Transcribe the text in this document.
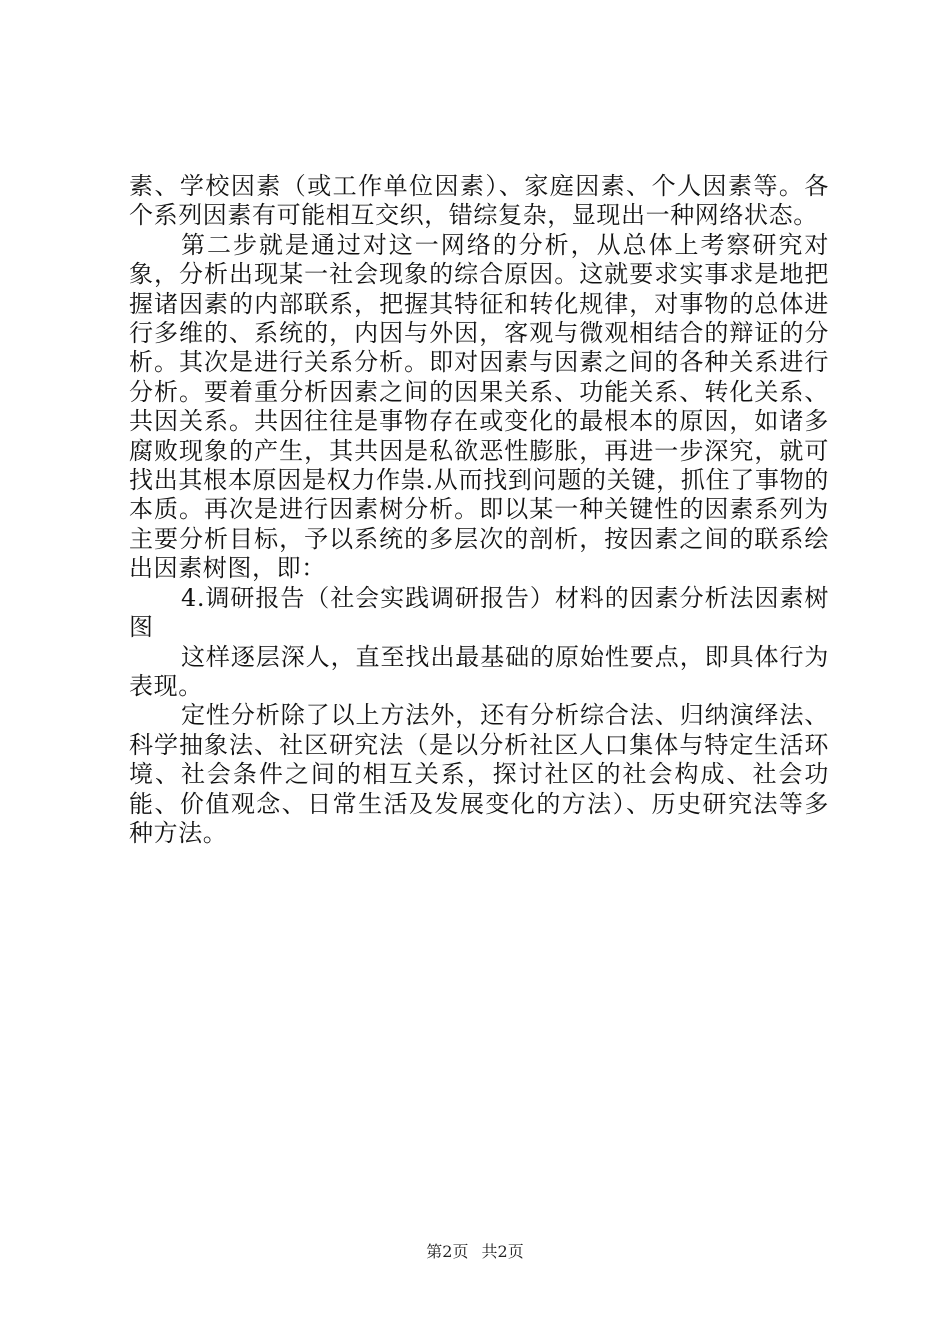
素、学校因素（或工作单位因素）、家庭因素、个人因素等。各个系列因素有可能相互交织，错综复杂，显现出一种网络状态。

第二步就是通过对这一网络的分析，从总体上考察研究对象，分析出现某一社会现象的综合原因。这就要求实事求是地把握诸因素的内部联系，把握其特征和转化规律，对事物的总体进行多维的、系统的，内因与外因，客观与微观相结合的辩证的分析。其次是进行关系分析。即对因素与因素之间的各种关系进行分析。要着重分析因素之间的因果关系、功能关系、转化关系、共因关系。共因往往是事物存在或变化的最根本的原因，如诸多腐败现象的产生，其共因是私欲恶性膨胀，再进一步深究，就可找出其根本原因是权力作祟.从而找到问题的关键，抓住了事物的本质。再次是进行因素树分析。即以某一种关键性的因素系列为主要分析目标，予以系统的多层次的剖析，按因素之间的联系绘出因素树图，即：

4.调研报告（社会实践调研报告）材料的因素分析法因素树图

这样逐层深人，直至找出最基础的原始性要点，即具体行为表现。

定性分析除了以上方法外，还有分析综合法、归纳演绎法、科学抽象法、社区研究法（是以分析社区人口集体与特定生活环境、社会条件之间的相互关系，探讨社区的社会构成、社会功能、价值观念、日常生活及发展变化的方法）、历史研究法等多种方法。

第2页 共2页
